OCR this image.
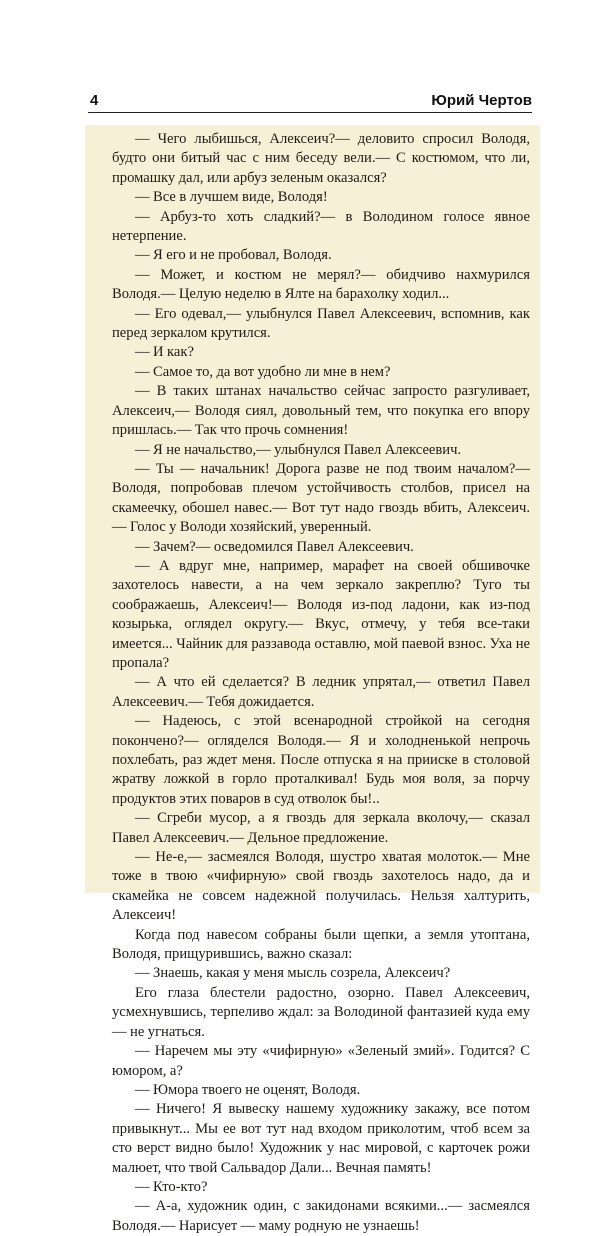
4	Юрий Чертов

— Чего лыбишься, Алексеич?— деловито спросил Володя, будто они битый час с ним беседу вели.— С костюмом, что ли, промашку дал, или арбуз зеленым оказался?

— Все в лучшем виде, Володя!

— Арбуз-то хоть сладкий?— в Володином голосе явное нетерпение.

— Я его и не пробовал, Володя.

— Может, и костюм не мерял?— обидчиво нахмурился Володя.— Целую неделю в Ялте на барахолку ходил...

— Его одевал,— улыбнулся Павел Алексеевич, вспомнив, как перед зеркалом крутился.

— И как?

— Самое то, да вот удобно ли мне в нем?

— В таких штанах начальство сейчас запросто разгуливает, Алексеич,— Володя сиял, довольный тем, что покупка его впору пришлась.— Так что прочь сомнения!

— Я не начальство,— улыбнулся Павел Алексеевич.

— Ты — начальник! Дорога разве не под твоим началом?— Володя, попробовав плечом устойчивость столбов, присел на скамеечку, обошел навес.— Вот тут надо гвоздь вбить, Алексеич.— Голос у Володи хозяйский, уверенный.

— Зачем?— осведомился Павел Алексеевич.

— А вдруг мне, например, марафет на своей обшивочке захотелось навести, а на чем зеркало закреплю? Туго ты соображаешь, Алексеич!— Володя из-под ладони, как из-под козырька, оглядел округу.— Вкус, отмечу, у тебя все-таки имеется... Чайник для раззавода оставлю, мой паевой взнос. Уха не пропала?

— А что ей сделается? В ледник упрятал,— ответил Павел Алексеевич.— Тебя дожидается.

— Надеюсь, с этой всенародной стройкой на сегодня покончено?— огляделся Володя.— Я и холодненькой непрочь похлебать, раз ждет меня. После отпуска я на прииске в столовой жратву ложкой в горло проталкивал! Будь моя воля, за порчу продуктов этих поваров в суд отволок бы!..

— Сгреби мусор, а я гвоздь для зеркала вколочу,— сказал Павел Алексеевич.— Дельное предложение.

— Не-е,— засмеялся Володя, шустро хватая молоток.— Мне тоже в твою «чифирную» свой гвоздь захотелось надо, да и скамейка не совсем надежной получилась. Нельзя халтурить, Алексеич!

Когда под навесом собраны были щепки, а земля утоптана, Володя, прищурившись, важно сказал:

— Знаешь, какая у меня мысль созрела, Алексеич?

Его глаза блестели радостно, озорно. Павел Алексеевич, усмехнувшись, терпеливо ждал: за Володиной фантазией куда ему — не угнаться.

— Наречем мы эту «чифирную» «Зеленый змий». Годится? С юмором, а?

— Юмора твоего не оценят, Володя.

— Ничего! Я вывеску нашему художнику закажу, все потом привыкнут... Мы ее вот тут над входом приколотим, чтоб всем за сто верст видно было! Художник у нас мировой, с карточек рожи малюет, что твой Сальвадор Дали... Вечная память!

— Кто-кто?

— А-а, художник один, с закидонами всякими...— засмеялся Володя.— Нарисует — маму родную не узнаешь!
